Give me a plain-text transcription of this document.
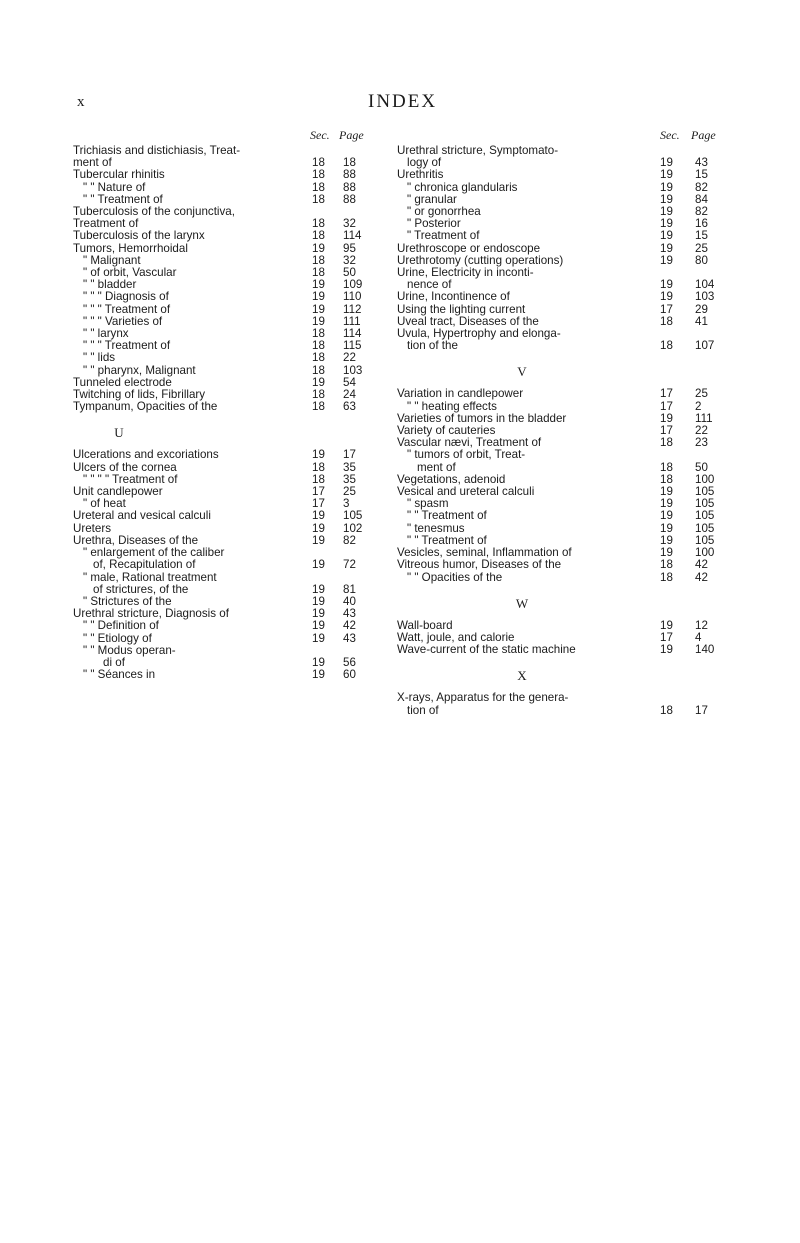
x	INDEX
Sec. Page
Trichiasis and distichiasis, Treat-
ment of	18 18
Tubercular rhinitis	18 88
" " Nature of	18 88
" " Treatment of	18 88
Tuberculosis of the conjunctiva,
Treatment of	18 32
Tuberculosis of the larynx	18 114
Tumors, Hemorrhoidal	19 95
" Malignant	18 32
" of orbit, Vascular	18 50
" " bladder	19 109
" " " Diagnosis of	19 110
" " " Treatment of	19 112
" " " Varieties of	19 111
" " larynx	18 114
" " " Treatment of	18 115
" " lids	18 22
" " pharynx, Malignant	18 103
Tunneled electrode	19 54
Twitching of lids, Fibrillary	18 24
Tympanum, Opacities of the	18 63
U
Ulcerations and excoriations	19 17
Ulcers of the cornea	18 35
" " " " Treatment of	18 35
Unit candlepower	17 25
" of heat	17 3
Ureteral and vesical calculi	19 105
Ureters	19 102
Urethra, Diseases of the	19 82
" enlargement of the caliber
of, Recapitulation of	19 72
" male, Rational treatment
of strictures, of the	19 81
" Strictures of the	19 40
Urethral stricture, Diagnosis of	19 43
" " Definition of	19 42
" " Etiology of	19 43
" " Modus operan-
di of	19 56
" " Séances in	19 60
Sec. Page
Urethral stricture, Symptomato-
logy of	19 43
Urethritis	19 15
" chronica glandularis	19 82
" granular	19 84
" or gonorrhea	19 82
" Posterior	19 16
" Treatment of	19 15
Urethroscope or endoscope	19 25
Urethrotomy (cutting operations)	19 80
Urine, Electricity in inconti-
nence of	19 104
Urine, Incontinence of	19 103
Using the lighting current	17 29
Uveal tract, Diseases of the	18 41
Uvula, Hypertrophy and elonga-
tion of the	18 107
V
Variation in candlepower	17 25
" " heating effects	17 2
Varieties of tumors in the bladder	19 111
Variety of cauteries	17 22
Vascular nævi, Treatment of	18 23
" tumors of orbit, Treat-
ment of	18 50
Vegetations, adenoid	18 100
Vesical and ureteral calculi	19 105
" spasm	19 105
" " Treatment of	19 105
" tenesmus	19 105
" " Treatment of	19 105
Vesicles, seminal, Inflammation of	19 100
Vitreous humor, Diseases of the	18 42
" " Opacities of the	18 42
W
Wall-board	19 12
Watt, joule, and calorie	17 4
Wave-current of the static machine	19 140
X
X-rays, Apparatus for the genera-
tion of	18 17
